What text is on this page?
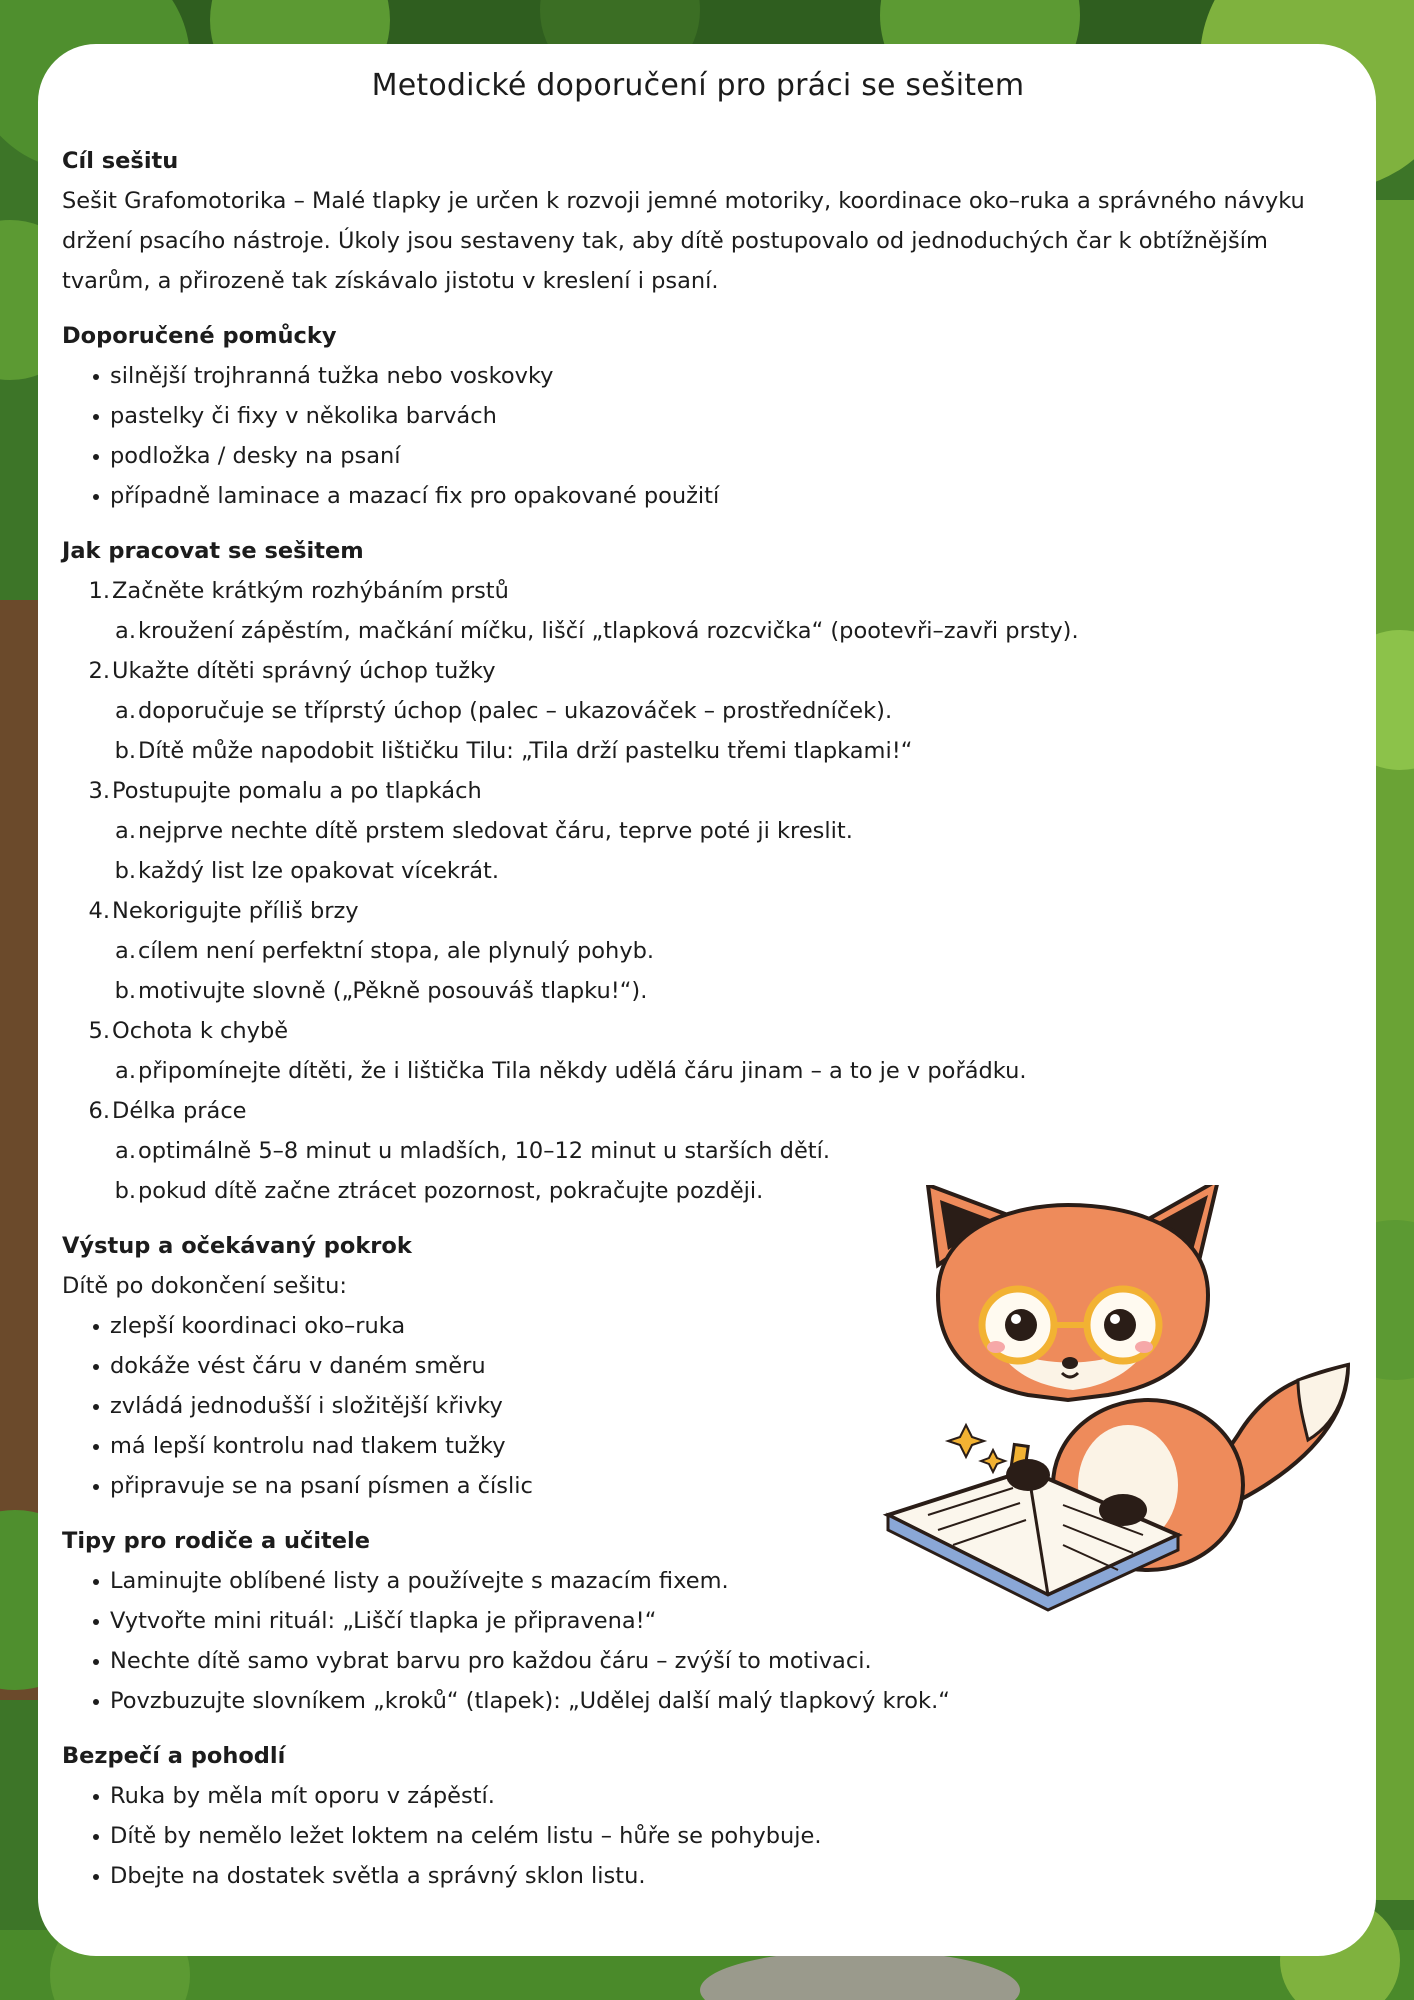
Metodické doporučení pro práci se sešitem
Cíl sešitu

Sešit Grafomotorika – Malé tlapky je určen k rozvoji jemné motoriky, koordinace oko–ruka a správného návyku držení psacího nástroje. Úkoly jsou sestaveny tak, aby dítě postupovalo od jednoduchých čar k obtížnějším tvarům, a přirozeně tak získávalo jistotu v kreslení i psaní.

Doporučené pomůcky
silnější trojhranná tužka nebo voskovky
pastelky či fixy v několika barvách
podložka / desky na psaní
případně laminace a mazací fix pro opakované použití
Jak pracovat se sešitem
1. Začněte krátkým rozhýbáním prstů
a. kroužení zápěstím, mačkání míčku, liščí „tlapková rozcvička“ (pootevři–zavři prsty).
2. Ukažte dítěti správný úchop tužky
a. doporučuje se tříprstý úchop (palec – ukazováček – prostředníček).
b. Dítě může napodobit lištičku Tilu: „Tila drží pastelku třemi tlapkami!“
3. Postupujte pomalu a po tlapkách
a. nejprve nechte dítě prstem sledovat čáru, teprve poté ji kreslit.
b. každý list lze opakovat vícekrát.
4. Nekorigujte příliš brzy
a. cílem není perfektní stopa, ale plynulý pohyb.
b. motivujte slovně („Pěkně posouváš tlapku!“).
5. Ochota k chybě
a. připomínejte dítěti, že i lištička Tila někdy udělá čáru jinam – a to je v pořádku.
6. Délka práce
a. optimálně 5–8 minut u mladších, 10–12 minut u starších dětí.
b. pokud dítě začne ztrácet pozornost, pokračujte později.
Výstup a očekávaný pokrok

Dítě po dokončení sešitu:

zlepší koordinaci oko–ruka
dokáže vést čáru v daném směru
zvládá jednodušší i složitější křivky
má lepší kontrolu nad tlakem tužky
připravuje se na psaní písmen a číslic
Tipy pro rodiče a učitele
Laminujte oblíbené listy a používejte s mazacím fixem.
Vytvořte mini rituál: „Liščí tlapka je připravena!“
Nechte dítě samo vybrat barvu pro každou čáru – zvýší to motivaci.
Povzbuzujte slovníkem „kroků“ (tlapek): „Udělej další malý tlapkový krok.“
Bezpečí a pohodlí
Ruka by měla mít oporu v zápěstí.
Dítě by nemělo ležet loktem na celém listu – hůře se pohybuje.
Dbejte na dostatek světla a správný sklon listu.
